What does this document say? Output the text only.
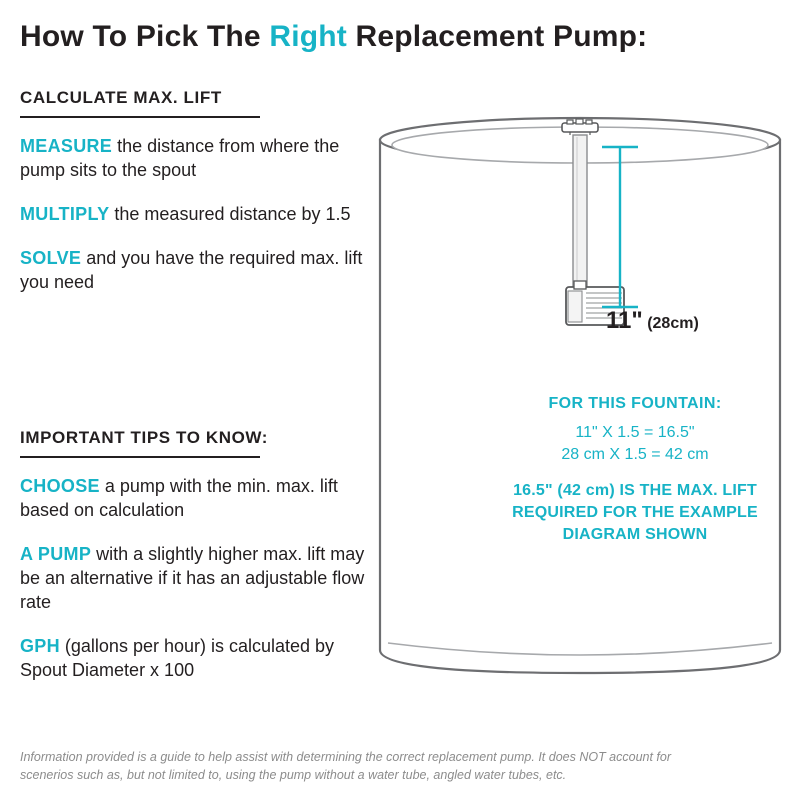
How To Pick The Right Replacement Pump:
CALCULATE MAX. LIFT

MEASURE the distance from where the pump sits to the spout

MULTIPLY the measured distance by 1.5

SOLVE and you have the required max. lift you need

IMPORTANT TIPS TO KNOW:

CHOOSE a pump with the min. max. lift based on calculation

A PUMP with a slightly higher max. lift may be an alternative if it has an adjustable flow rate

GPH (gallons per hour) is calculated by Spout Diameter x 100

11" (28cm)
FOR THIS FOUNTAIN:
11" X 1.5 = 16.5"
28 cm X 1.5 = 42 cm
16.5" (42 cm) IS THE MAX. LIFT
REQUIRED FOR THE EXAMPLE
DIAGRAM SHOWN
Information provided is a guide to help assist with determining the correct replacement pump. It does NOT account for
scenerios such as, but not limited to, using the pump without a water tube, angled water tubes, etc.
